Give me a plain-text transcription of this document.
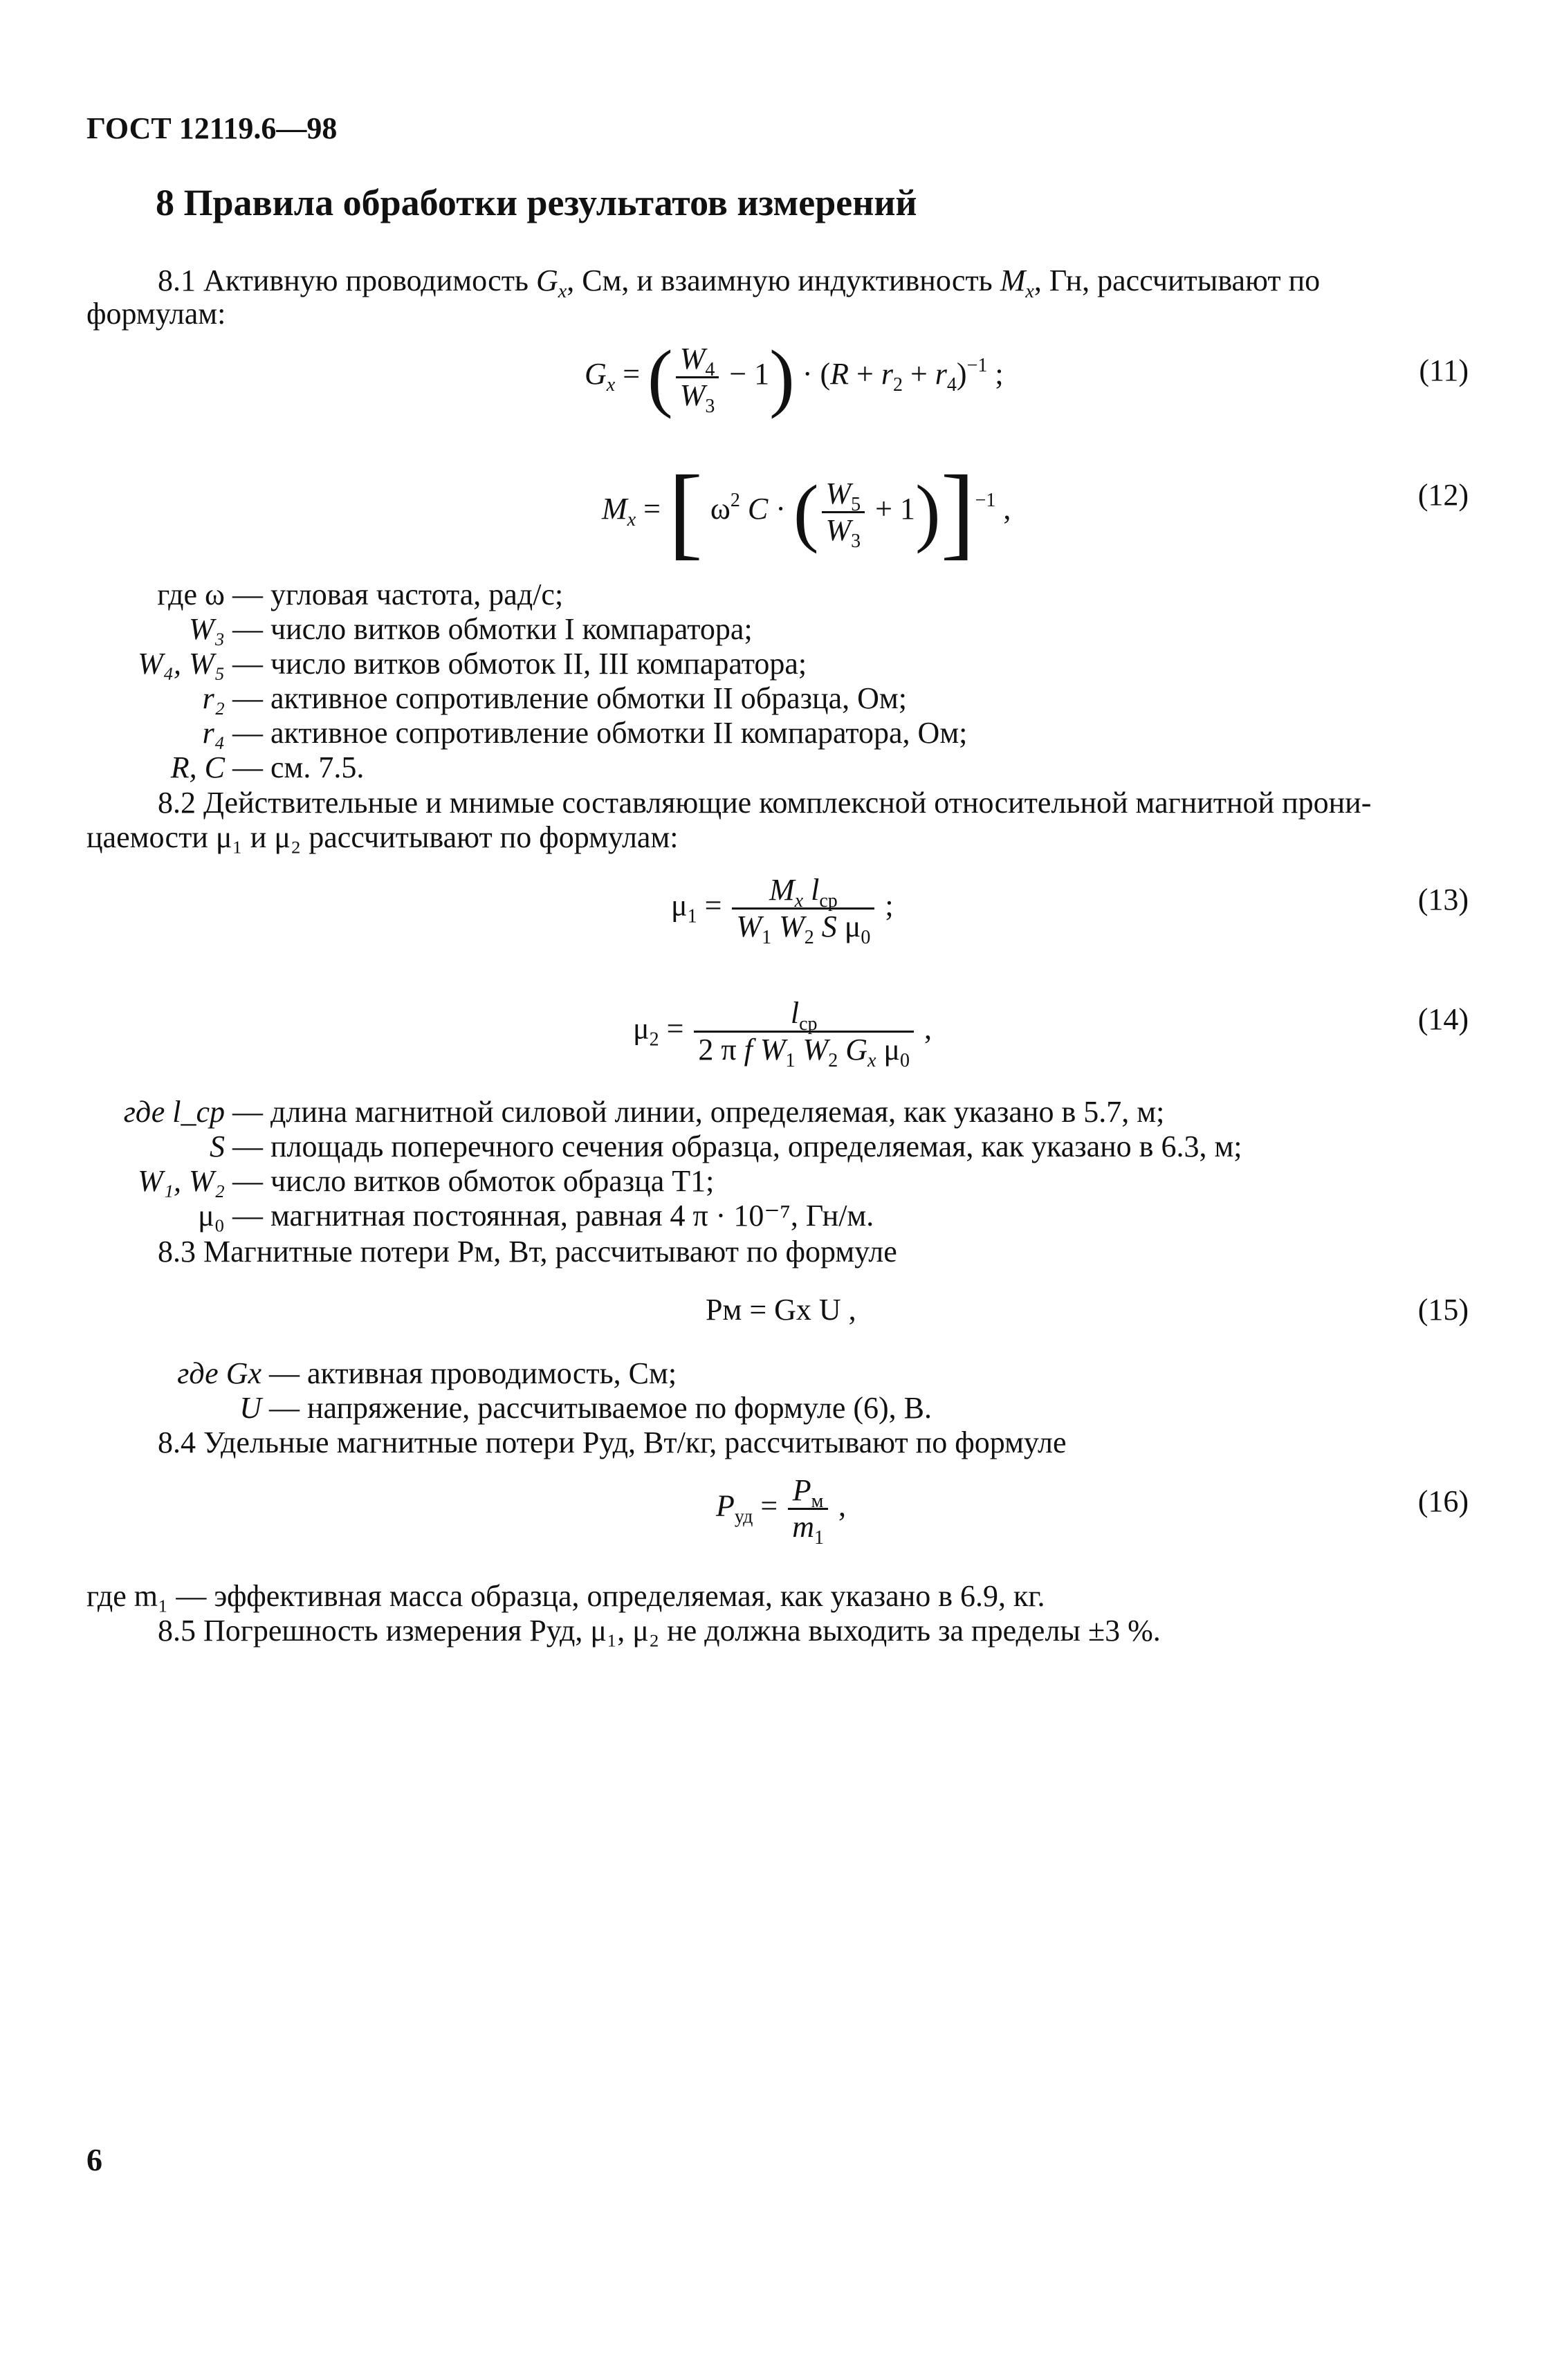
ГОСТ 12119.6—98
8 Правила обработки результатов измерений
8.1 Активную проводимость $G_x$, См, и взаимную индуктивность $M_x$, Гн, рассчитывают по
формулам:
$G_x$ = ( $\frac{W_4}{W_3} - 1) \cdot (R + r_2 + r_4)^{-1}$ ;	(11)
$M_x$ = [ $\omega^2$ C · ( $\frac{W_5}{W_3} + 1)]^{-1}$ ,	(12)
где ω — угловая частота, рад/с;
W₃ — число витков обмотки I компаратора;
W₄, W₅ — число витков обмоток II, III компаратора;
r₂ — активное сопротивление обмотки II образца, Ом;
r₄ — активное сопротивление обмотки II компаратора, Ом;
R, C — см. 7.5.
8.2 Действительные и мнимые составляющие комплексной относительной магнитной прони-
цаемости μ₁ и μ₂ рассчитывают по формулам:
$\mu_1 = \frac{M_x l_{ср}}{W_1 W_2 S \mu_0}$ ;	(13)
$\mu_2 = \frac{l_{ср}}{2 \pi f W_1 W_2 G_x \mu_0}$ ,	(14)
где l_ср — длина магнитной силовой линии, определяемая, как указано в 5.7, м;
S — площадь поперечного сечения образца, определяемая, как указано в 6.3, м;
W₁, W₂ — число витков обмоток образца T1;
μ₀ — магнитная постоянная, равная 4 π · 10⁻⁷, Гн/м.
8.3 Магнитные потери Pм, Вт, рассчитывают по формуле
Pм = Gx U ,	(15)
где Gx — активная проводимость, См;
U — напряжение, рассчитываемое по формуле (6), В.
8.4 Удельные магнитные потери Pуд, Вт/кг, рассчитывают по формуле
$P_{уд} = \frac{P_м}{m_1}$ ,	(16)
где m₁ — эффективная масса образца, определяемая, как указано в 6.9, кг.
8.5 Погрешность измерения Pуд, μ₁, μ₂ не должна выходить за пределы ±3 %.
6
